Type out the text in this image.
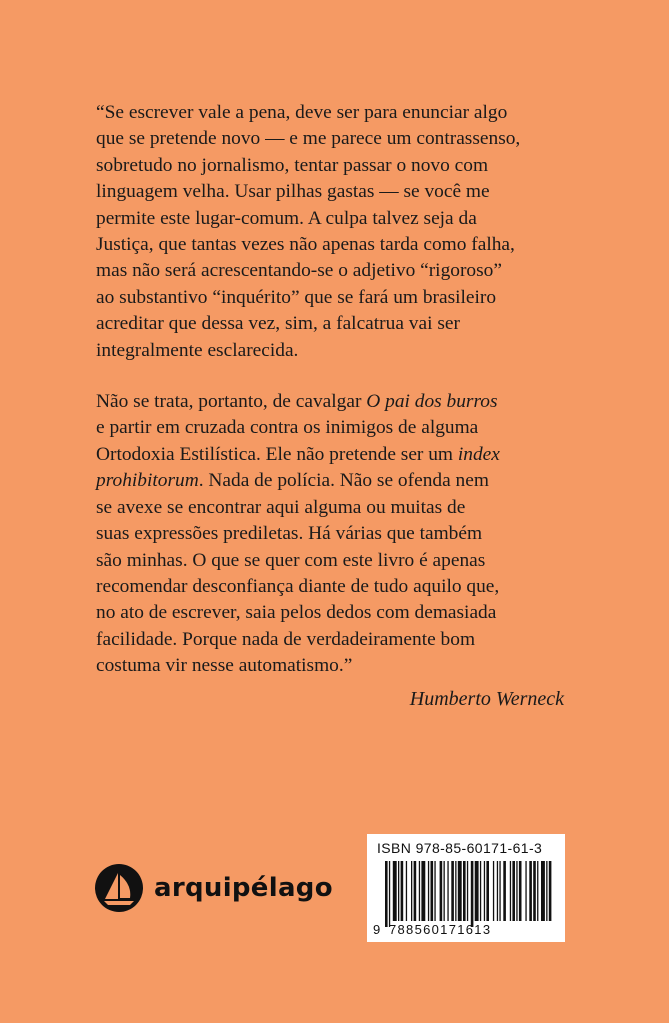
“Se escrever vale a pena, deve ser para enunciar algo
que se pretende novo — e me parece um contrassenso,
sobretudo no jornalismo, tentar passar o novo com
linguagem velha. Usar pilhas gastas — se você me
permite este lugar-comum. A culpa talvez seja da
Justiça, que tantas vezes não apenas tarda como falha,
mas não será acrescentando-se o adjetivo “rigoroso”
ao substantivo “inquérito” que se fará um brasileiro
acreditar que dessa vez, sim, a falcatrua vai ser
integralmente esclarecida.

Não se trata, portanto, de cavalgar O pai dos burros
e partir em cruzada contra os inimigos de alguma
Ortodoxia Estilística. Ele não pretende ser um index
prohibitorum. Nada de polícia. Não se ofenda nem
se avexe se encontrar aqui alguma ou muitas de
suas expressões prediletas. Há várias que também
são minhas. O que se quer com este livro é apenas
recomendar desconfiança diante de tudo aquilo que,
no ato de escrever, saia pelos dedos com demasiada
facilidade. Porque nada de verdadeiramente bom
costuma vir nesse automatismo.”

Humberto Werneck
arquipélago
ISBN 978-85-60171-61-3
9 788560171613
